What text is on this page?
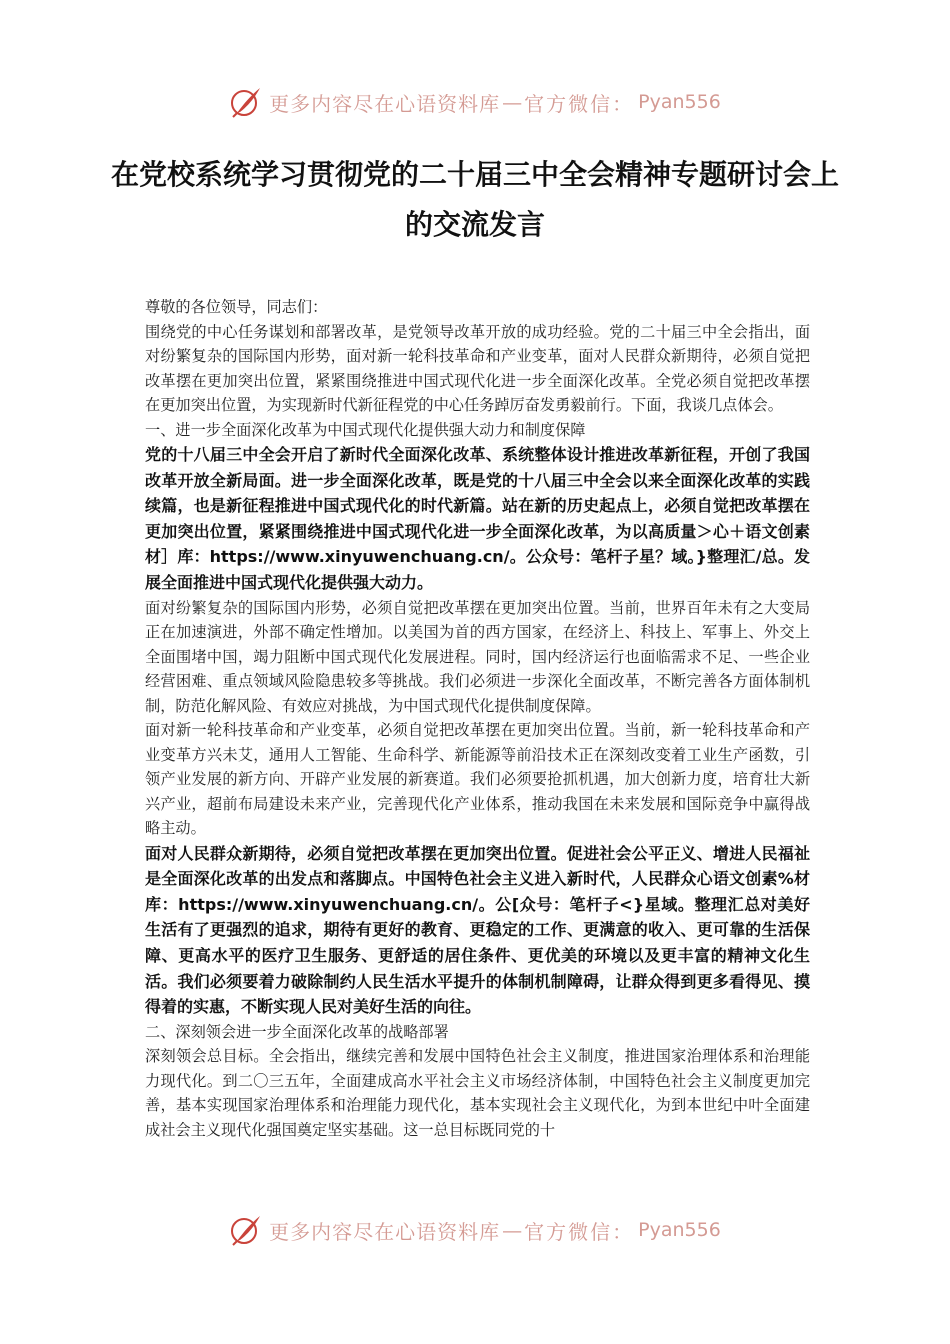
更多内容尽在心语资料库 — 官方微信： Pyan556
在党校系统学习贯彻党的二十届三中全会精神专题研讨会上的交流发言

尊敬的各位领导，同志们：

围绕党的中心任务谋划和部署改革，是党领导改革开放的成功经验。党的二十届三中全会指出，面对纷繁复杂的国际国内形势，面对新一轮科技革命和产业变革，面对人民群众新期待，必须自觉把改革摆在更加突出位置，紧紧围绕推进中国式现代化进一步全面深化改革。全党必须自觉把改革摆在更加突出位置，为实现新时代新征程党的中心任务踔厉奋发勇毅前行。下面，我谈几点体会。

一、进一步全面深化改革为中国式现代化提供强大动力和制度保障

党的十八届三中全会开启了新时代全面深化改革、系统整体设计推进改革新征程，开创了我国改革开放全新局面。进一步全面深化改革，既是党的十八届三中全会以来全面深化改革的实践续篇，也是新征程推进中国式现代化的时代新篇。站在新的历史起点上，必须自觉把改革摆在更加突出位置，紧紧围绕推进中国式现代化进一步全面深化改革，为以高质量＞心＋语文创素材］库：https://www.xinyuwenchuang.cn/。公众号：笔杆子星？域。}整理汇/总。发展全面推进中国式现代化提供强大动力。

面对纷繁复杂的国际国内形势，必须自觉把改革摆在更加突出位置。当前，世界百年未有之大变局正在加速演进，外部不确定性增加。以美国为首的西方国家，在经济上、科技上、军事上、外交上全面围堵中国，竭力阻断中国式现代化发展进程。同时，国内经济运行也面临需求不足、一些企业经营困难、重点领域风险隐患较多等挑战。我们必须进一步深化全面改革，不断完善各方面体制机制，防范化解风险、有效应对挑战，为中国式现代化提供制度保障。

面对新一轮科技革命和产业变革，必须自觉把改革摆在更加突出位置。当前，新一轮科技革命和产业变革方兴未艾，通用人工智能、生命科学、新能源等前沿技术正在深刻改变着工业生产函数，引领产业发展的新方向、开辟产业发展的新赛道。我们必须要抢抓机遇，加大创新力度，培育壮大新兴产业，超前布局建设未来产业，完善现代化产业体系，推动我国在未来发展和国际竞争中赢得战略主动。

面对人民群众新期待，必须自觉把改革摆在更加突出位置。促进社会公平正义、增进人民福祉是全面深化改革的出发点和落脚点。中国特色社会主义进入新时代，人民群众心语文创素%材库：https://www.xinyuwenchuang.cn/。公[众号：笔杆子<}星域。整理汇总对美好生活有了更强烈的追求，期待有更好的教育、更稳定的工作、更满意的收入、更可靠的生活保障、更高水平的医疗卫生服务、更舒适的居住条件、更优美的环境以及更丰富的精神文化生活。我们必须要着力破除制约人民生活水平提升的体制机制障碍，让群众得到更多看得见、摸得着的实惠，不断实现人民对美好生活的向往。

二、深刻领会进一步全面深化改革的战略部署

深刻领会总目标。全会指出，继续完善和发展中国特色社会主义制度，推进国家治理体系和治理能力现代化。到二〇三五年，全面建成高水平社会主义市场经济体制，中国特色社会主义制度更加完善，基本实现国家治理体系和治理能力现代化，基本实现社会主义现代化，为到本世纪中叶全面建成社会主义现代化强国奠定坚实基础。这一总目标既同党的十

更多内容尽在心语资料库 — 官方微信： Pyan556
